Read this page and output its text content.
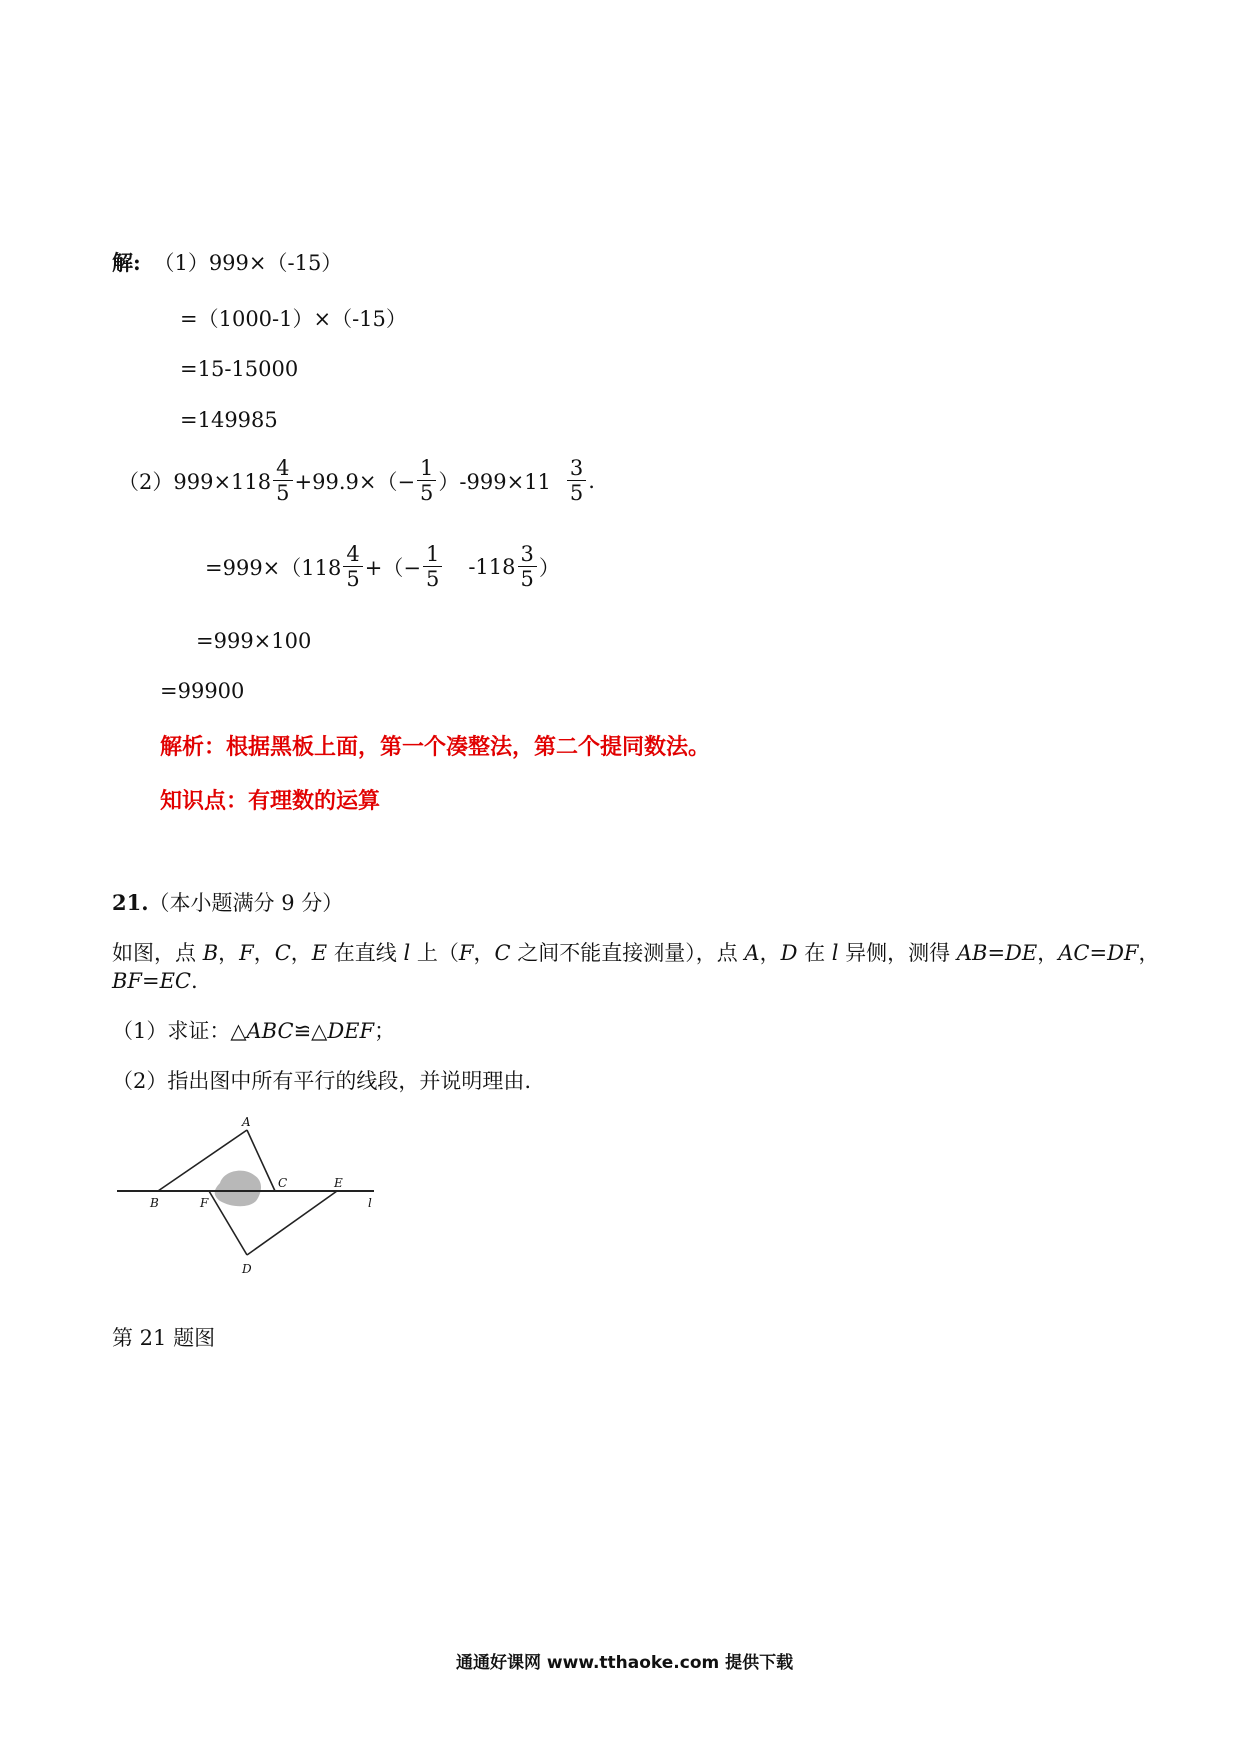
解: （1）999×（-15）
=（1000-1）×（-15）
=15-15000
=149985
$(2)999\times 118 \frac{4}{5} +99.9\times(- \frac{1}{5} )-999\times 11 \frac{3}{5}$ .
$=999\times(118 \frac{4}{5}$ +（− $\frac{1}{5} -118 \frac{3}{5}$ ）
=999×100
=99900
解析：根据黑板上面，第一个凑整法，第二个提同数法。
知识点：有理数的运算
21.（本小题满分 9 分）
如图，点 B，F，C，E 在直线 l 上（F，C 之间不能直接测量），点 A，D 在 l 异侧，测得 AB=DE，AC=DF，
BF=EC.
（1）求证：△ABC≌△DEF；
（2）指出图中所有平行的线段，并说明理由.
A
B	F
C	E
l
D
第 21 题图
通通好课网 www.tthaoke.com 提供下载
